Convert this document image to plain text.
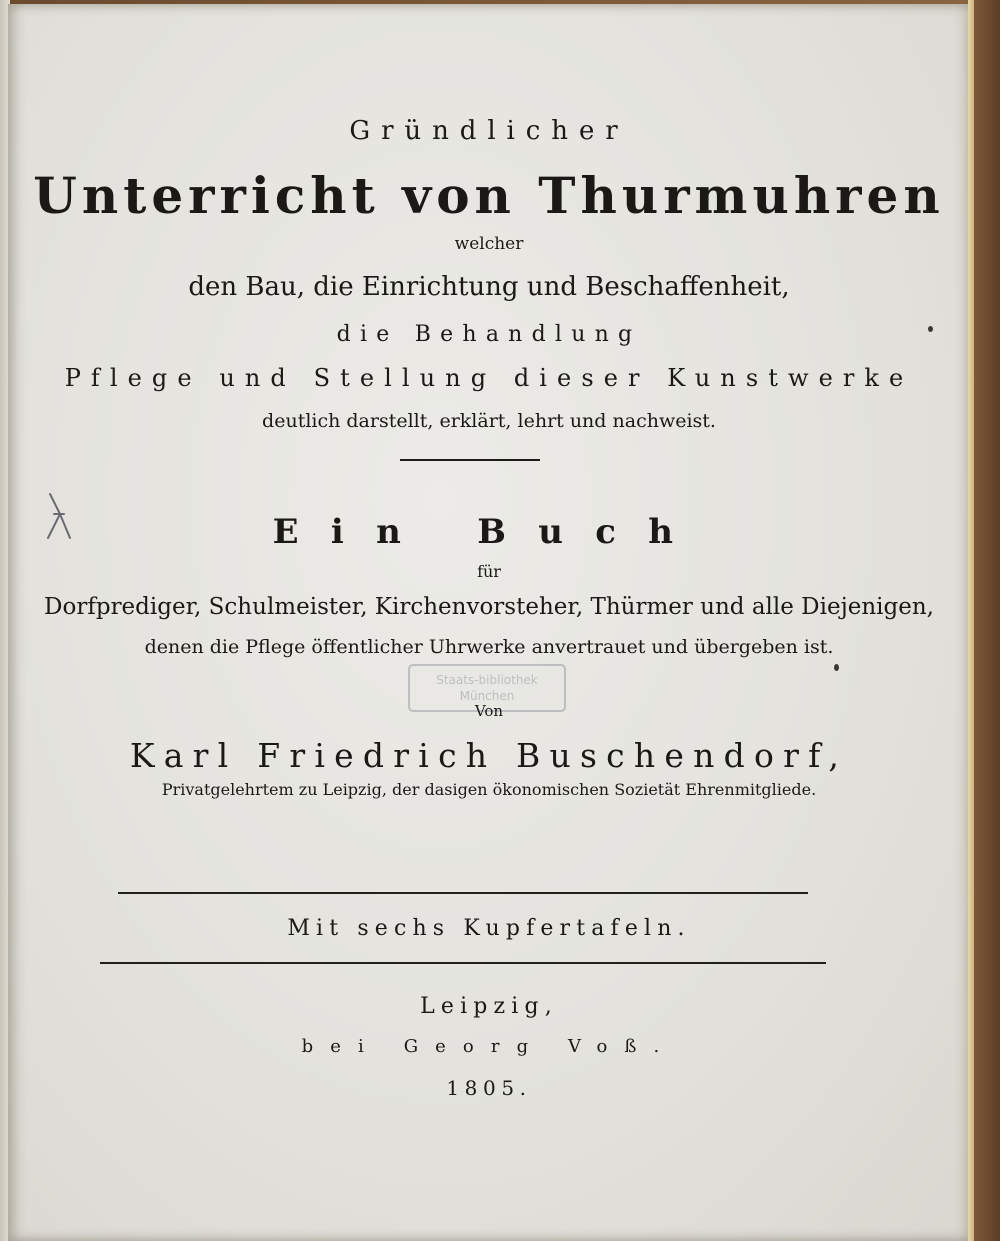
Gründlicher
Unterricht von Thurmuhren
welcher
den Bau, die Einrichtung und Beschaffenheit,
die Behandlung
Pflege und Stellung dieser Kunstwerke
deutlich darstellt, erklärt, lehrt und nachweist.
Ein Buch
für
Dorfprediger, Schulmeister, Kirchenvorsteher, Thürmer und alle Diejenigen,
denen die Pflege öffentlicher Uhrwerke anvertrauet und übergeben ist.
Staats-bibliothek
München
Von
Karl Friedrich Buschendorf,
Privatgelehrtem zu Leipzig, der dasigen ökonomischen Sozietät Ehrenmitgliede.
Mit sechs Kupfertafeln.
Leipzig,
bei Georg Voß.
1805.
